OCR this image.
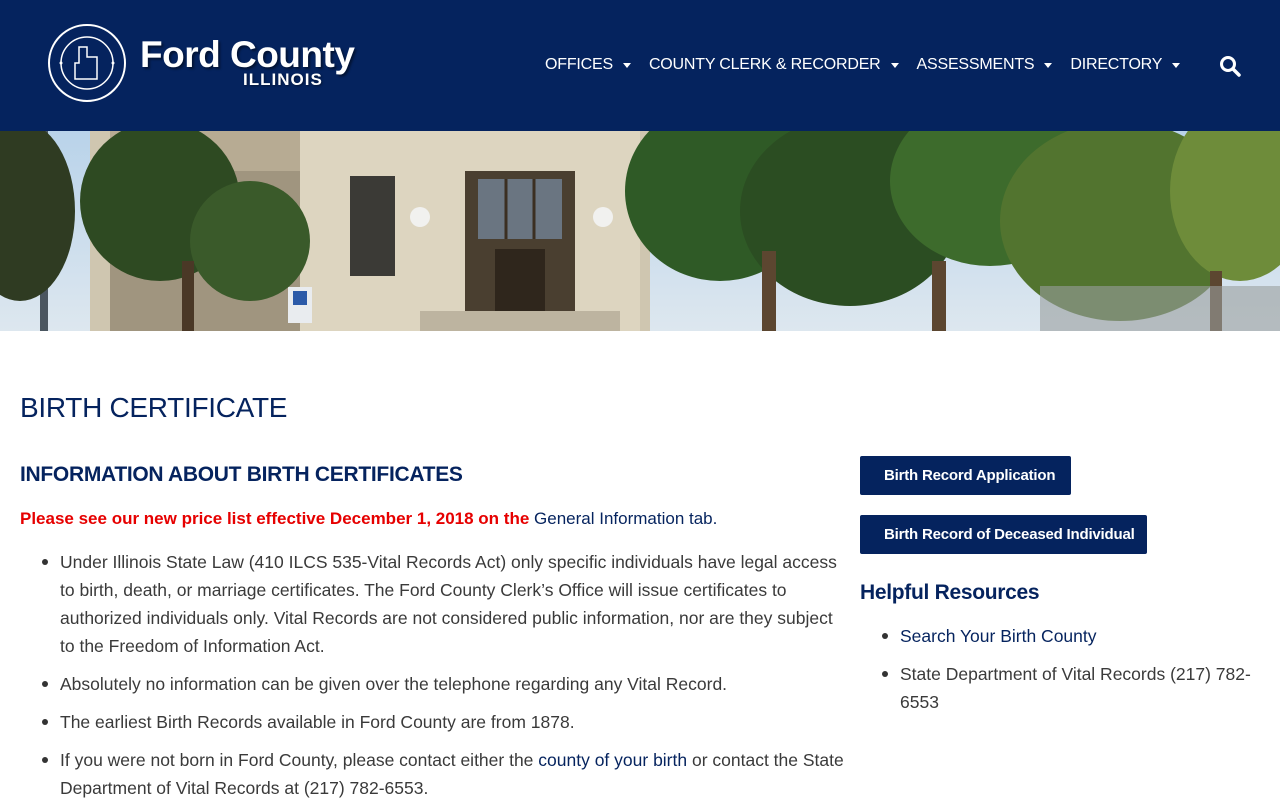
Ford County
ILLINOIS
OFFICES COUNTY CLERK & RECORDER ASSESSMENTS DIRECTORY
BIRTH CERTIFICATE
INFORMATION ABOUT BIRTH CERTIFICATES

Please see our new price list effective December 1, 2018 on the General Information tab.

Under Illinois State Law (410 ILCS 535-Vital Records Act) only specific individuals have legal access to birth, death, or marriage certificates. The Ford County Clerk’s Office will issue certificates to authorized individuals only. Vital Records are not considered public information, nor are they subject to the Freedom of Information Act.
Absolutely no information can be given over the telephone regarding any Vital Record.
The earliest Birth Records available in Ford County are from 1878.
If you were not born in Ford County, please contact either the county of your birth or contact the State Department of Vital Records at (217) 782-6553.
Birth Record Application
Birth Record of Deceased Individual
Helpful Resources
Search Your Birth County
State Department of Vital Records (217) 782-6553
